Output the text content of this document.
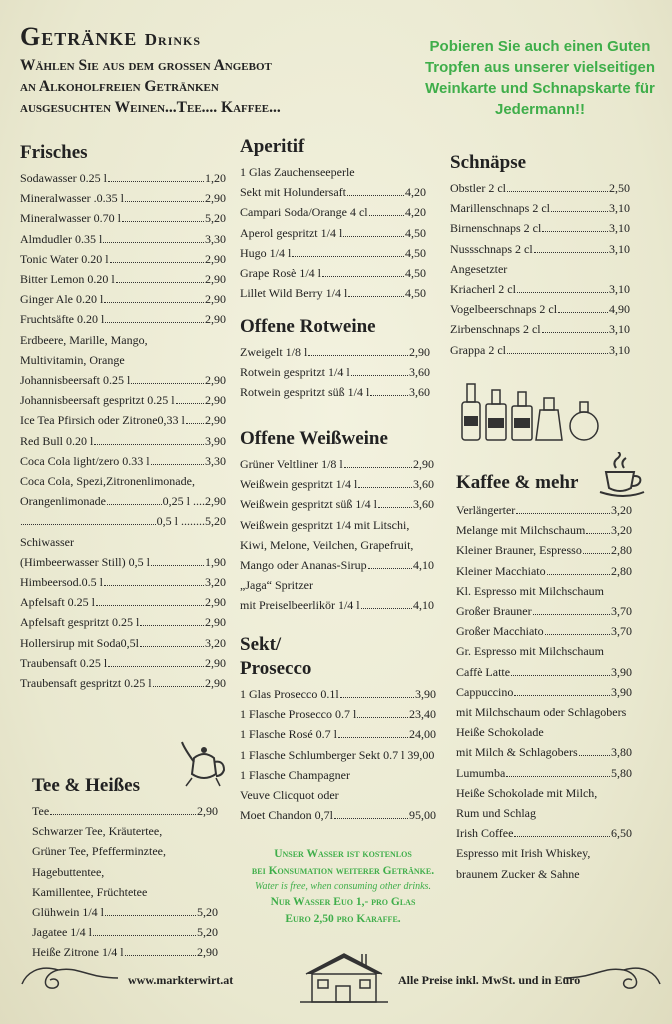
Getränke Drinks
Wählen Sie aus dem grossen Angebot
an Alkoholfreien Getränken
ausgesuchten Weinen...Tee.... Kaffee...
Pobieren Sie auch einen Guten Tropfen aus unserer vielseitigen Weinkarte und Schnapskarte für Jedermann!!
Frisches
Sodawasser 0.25 l	1,20
Mineralwasser .0.35 l	2,90
Mineralwasser 0.70 l	5,20
Almdudler 0.35 l	3,30
Tonic Water 0.20 l	2,90
Bitter Lemon 0.20 l	2,90
Ginger Ale 0.20 l	2,90
Fruchtsäfte 0.20 l	2,90
Erdbeere, Marille, Mango,
Multivitamin, Orange
Johannisbeersaft 0.25 l	2,90
Johannisbeersaft gespritzt 0.25 l	2,90
Ice Tea Pfirsich oder Zitrone0,33 l 2,90
Red Bull 0.20 l	3,90
Coca Cola light/zero 0.33 l	3,30
Coca Cola, Spezi,Zitronenlimonade,
Orangenlimonade	0,25 l ....2,90
0,5 l ........5,20
Schiwasser
(Himbeerwasser Still) 0,5 l	1,90
Himbeersod.0.5 l	3,20
Apfelsaft 0.25 l	2,90
Apfelsaft gespritzt 0.25 l	2,90
Hollersirup mit Soda0,5l	3,20
Traubensaft 0.25 l	2,90
Traubensaft gespritzt 0.25 l	2,90
Tee & Heißes
Tee	2,90
Schwarzer Tee, Kräutertee,
Grüner Tee, Pfefferminztee,
Hagebuttentee,
Kamillentee, Früchtetee
Glühwein 1/4 l	5,20
Jagatee 1/4 l	5,20
Heiße Zitrone 1/4 l	2,90
Aperitif
1 Glas Zauchenseeperle
Sekt mit Holundersaft	4,20
Campari Soda/Orange 4 cl	4,20
Aperol gespritzt 1/4 l	4,50
Hugo 1/4 l	4,50
Grape Rosè 1/4 l	4,50
Lillet Wild Berry 1/4 l	4,50
Offene Rotweine
Zweigelt 1/8 l	2,90
Rotwein gespritzt 1/4 l	3,60
Rotwein gespritzt süß 1/4 l	3,60
Offene Weißweine
Grüner Veltliner 1/8 l	2,90
Weißwein gespritzt 1/4 l	3,60
Weißwein gespritzt süß 1/4 l	3,60
Weißwein gespritzt 1/4 mit Litschi,
Kiwi, Melone, Veilchen, Grapefruit,
Mango oder Ananas-Sirup	4,10
„Jaga“ Spritzer
mit Preiselbeerlikör 1/4 l	4,10
Sekt/
Prosecco
1 Glas Prosecco 0.1l	3,90
1 Flasche Prosecco 0.7 l	23,40
1 Flasche Rosé 0.7 l	24,00
1 Flasche Schlumberger Sekt 0.7 l 39,00
1 Flasche Champagner
Veuve Clicquot oder
Moet Chandon 0,7l	95,00
Unser Wasser ist kostenlos
bei Konsumation weiterer Getränke.
Water is free, when consuming other drinks.
Nur Wasser Euo 1,- pro Glas
Euro 2,50 pro Karaffe.
Schnäpse
Obstler 2 cl	2,50
Marillenschnaps 2 cl	3,10
Birnenschnaps 2 cl	3,10
Nussschnaps 2 cl	3,10
Angesetzter
Kriacherl 2 cl	3,10
Vogelbeerschnaps 2 cl	4,90
Zirbenschnaps 2 cl	3,10
Grappa 2 cl	3,10
Kaffee & mehr
Verlängerter	3,20
Melange mit Milchschaum 3,20
Kleiner Brauner, Espresso 2,80
Kleiner Macchiato	2,80
Kl. Espresso mit Milchschaum
Großer Brauner	3,70
Großer Macchiato	3,70
Gr. Espresso mit Milchschaum
Caffè Latte	3,90
Cappuccino	3,90
mit Milchschaum oder Schlagobers
Heiße Schokolade
mit Milch & Schlagobers	3,80
Lumumba	5,80
Heiße Schokolade mit Milch,
Rum und Schlag
Irish Coffee	6,50
Espresso mit Irish Whiskey,
braunem Zucker & Sahne
www.markterwirt.at	Alle Preise inkl. MwSt. und in Euro
